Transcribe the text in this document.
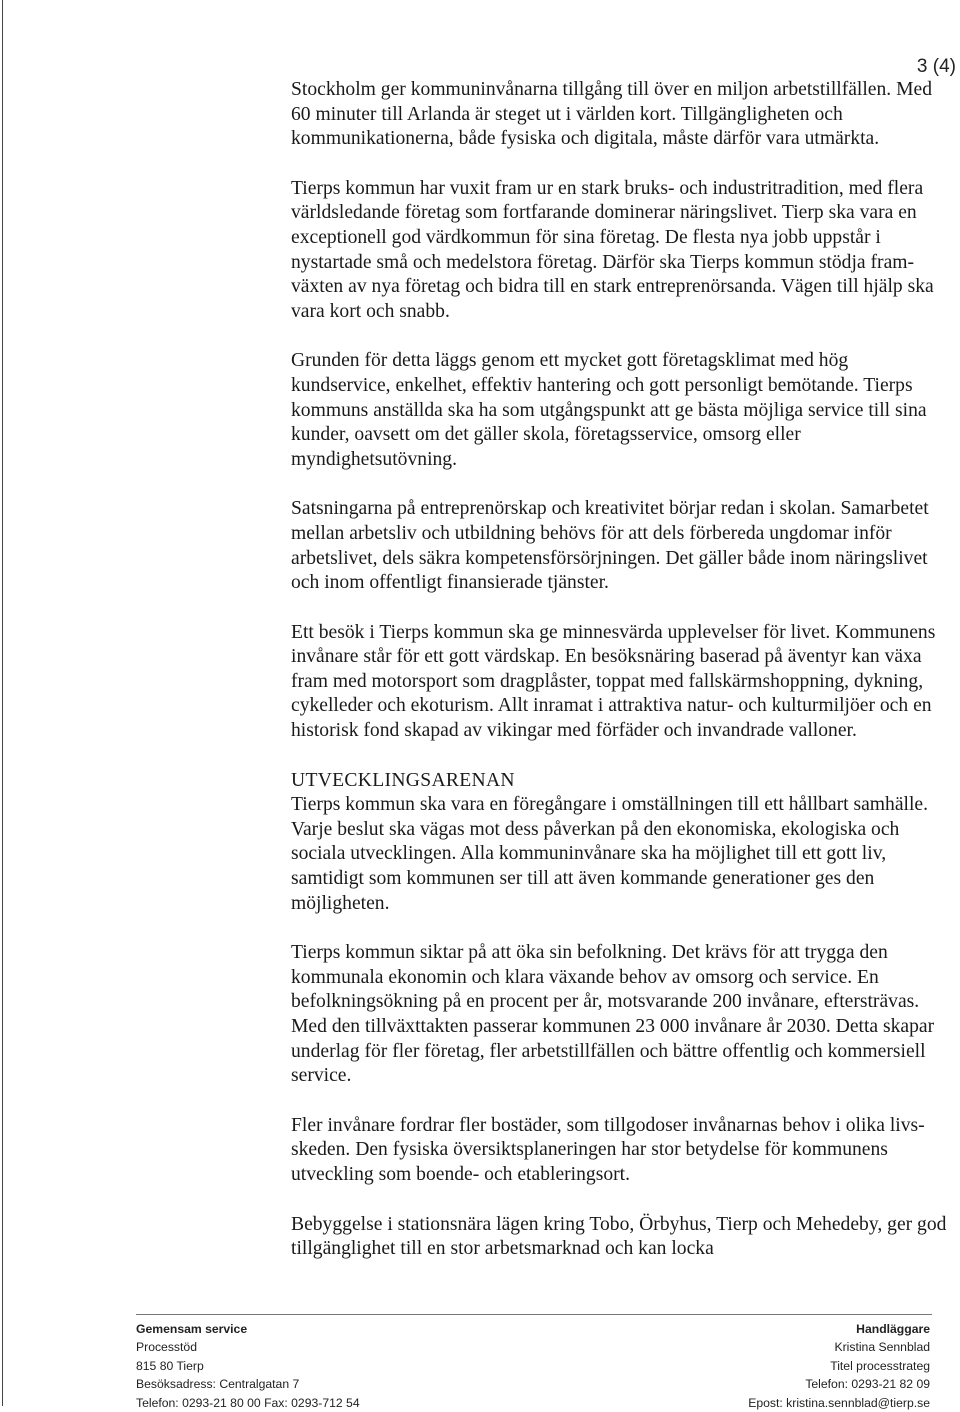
3 (4)

Stockholm ger kommuninvånarna tillgång till över en miljon arbetstillfällen. Med 60 minuter till Arlanda är steget ut i världen kort. Tillgängligheten och kommunikationerna, både fysiska och digitala, måste därför vara utmärkta.

Tierps kommun har vuxit fram ur en stark bruks- och industritradition, med flera världsledande företag som fortfarande dominerar näringslivet. Tierp ska vara en exceptionell god värdkommun för sina företag. De flesta nya jobb uppstår i nystartade små och medelstora företag. Därför ska Tierps kommun stödja fram-växten av nya företag och bidra till en stark entreprenörsanda. Vägen till hjälp ska vara kort och snabb.

Grunden för detta läggs genom ett mycket gott företagsklimat med hög kundservice, enkelhet, effektiv hantering och gott personligt bemötande. Tierps kommuns anställda ska ha som utgångspunkt att ge bästa möjliga service till sina kunder, oavsett om det gäller skola, företagsservice, omsorg eller myndighetsutövning.

Satsningarna på entreprenörskap och kreativitet börjar redan i skolan. Samarbetet mellan arbetsliv och utbildning behövs för att dels förbereda ungdomar inför arbetslivet, dels säkra kompetensförsörjningen. Det gäller både inom näringslivet och inom offentligt finansierade tjänster.

Ett besök i Tierps kommun ska ge minnesvärda upplevelser för livet. Kommunens invånare står för ett gott värdskap. En besöksnäring baserad på äventyr kan växa fram med motorsport som dragplåster, toppat med fallskärmshoppning, dykning, cykelleder och ekoturism. Allt inramat i attraktiva natur- och kulturmiljöer och en historisk fond skapad av vikingar med förfäder och invandrade valloner.

UTVECKLINGSARENAN

Tierps kommun ska vara en föregångare i omställningen till ett hållbart samhälle. Varje beslut ska vägas mot dess påverkan på den ekonomiska, ekologiska och sociala utvecklingen. Alla kommuninvånare ska ha möjlighet till ett gott liv, samtidigt som kommunen ser till att även kommande generationer ges den möjligheten.

Tierps kommun siktar på att öka sin befolkning. Det krävs för att trygga den kommunala ekonomin och klara växande behov av omsorg och service. En befolkningsökning på en procent per år, motsvarande 200 invånare, eftersträvas. Med den tillväxttakten passerar kommunen 23 000 invånare år 2030. Detta skapar underlag för fler företag, fler arbetstillfällen och bättre offentlig och kommersiell service.

Fler invånare fordrar fler bostäder, som tillgodoser invånarnas behov i olika livs-skeden. Den fysiska översiktsplaneringen har stor betydelse för kommunens utveckling som boende- och etableringsort.

Bebyggelse i stationsnära lägen kring Tobo, Örbyhus, Tierp och Mehedeby, ger god tillgänglighet till en stor arbetsmarknad och kan locka

Gemensam service
Processtöd
815 80 Tierp
Besöksadress: Centralgatan 7
Telefon: 0293-21 80 00 Fax: 0293-712 54
Handläggare
Kristina Sennblad
Titel processtrateg
Telefon: 0293-21 82 09
Epost: kristina.sennblad@tierp.se
